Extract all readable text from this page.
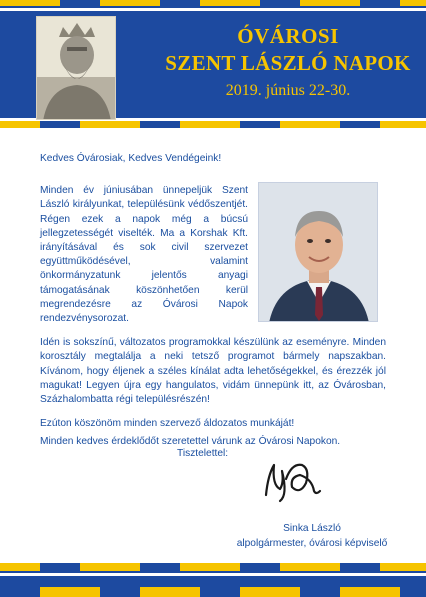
ÓVÁROSI
SZENT LÁSZLÓ NAPOK
2019. június 22-30.

Kedves Óvárosiak, Kedves Vendégeink!

Minden év júniusában ünnepeljük Szent László királyunkat, településünk védőszentjét. Régen ezek a napok még a búcsú jellegzetességét viselték. Ma a Korshak Kft. irányításával és sok civil szervezet együttműködésével, valamint önkormányzatunk jelentős anyagi támogatásának köszönhetően kerül megrendezésre az Óvárosi Napok rendezvénysorozat.

Idén is sokszínű, változatos programokkal készülünk az eseményre. Minden korosztály megtalálja a neki tetsző programot bármely napszakban. Kívánom, hogy éljenek a széles kínálat adta lehetőségekkel, és érezzék jól magukat! Legyen újra egy hangulatos, vidám ünnepünk itt, az Óvárosban, Százhalombatta régi településrészén!

Ezúton köszönöm minden szervező áldozatos munkáját!

Minden kedves érdeklődőt szeretettel várunk az Óvárosi Napokon.

Tisztelettel:
Sinka László
alpolgármester, óvárosi képviselő
